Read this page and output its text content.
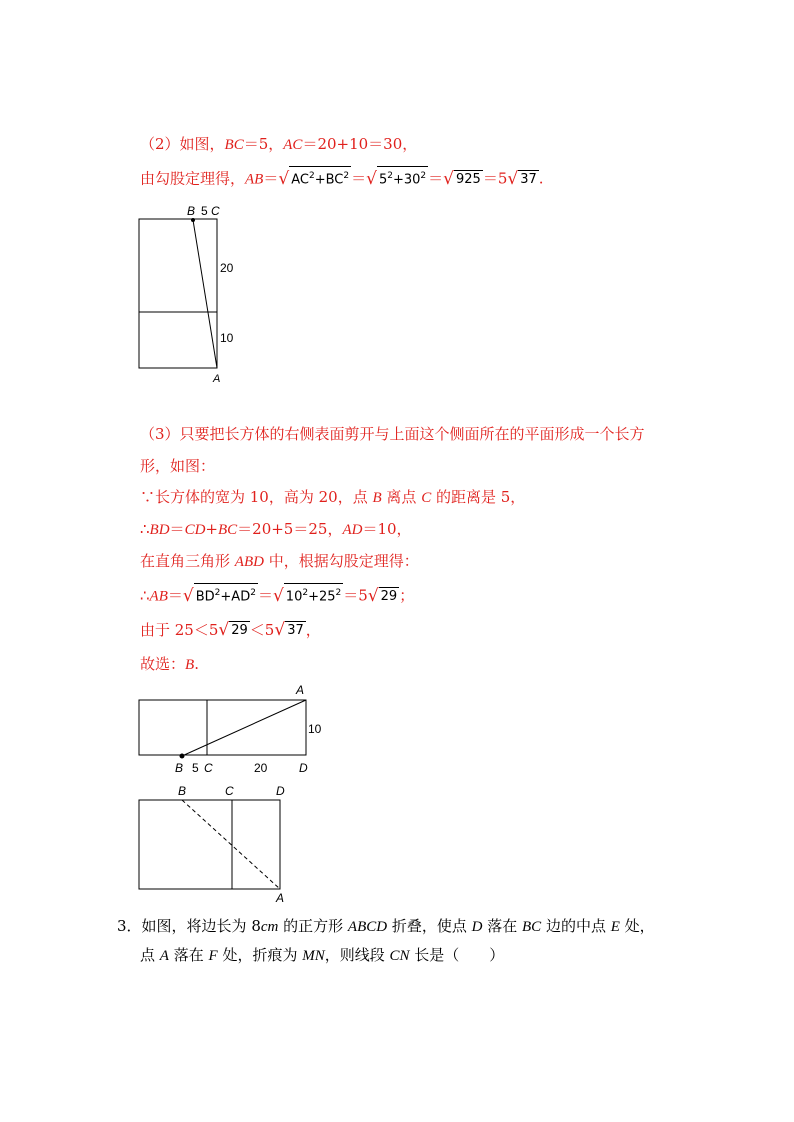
（2）如图，BC＝5，AC＝20+10＝30，
由勾股定理得，AB＝√ $AC^2+BC^2$ ＝√ $5^2+30^2$ ＝√ 925 ＝5√ 37 .
B 5 C
20
10
A
（3）只要把长方体的右侧表面剪开与上面这个侧面所在的平面形成一个长方
形，如图：
∵长方体的宽为 10，高为 20，点 B 离点 C 的距离是 5，
∴BD＝CD+BC＝20+5＝25，AD＝10，
在直角三角形 ABD 中，根据勾股定理得：
∴AB＝√ $BD^2+AD^2$ ＝√ $10^2+25^2 =5√$ 29 ；
由于 25＜5√ 29 ＜5√ 37 ，
故选：B.
A
10
B 5 C	20	D
B	C	D
A
3．如图，将边长为 8cm 的正方形 ABCD 折叠，使点 D 落在 BC 边的中点 E 处，
点 A 落在 F 处，折痕为 MN，则线段 CN 长是（　　）
